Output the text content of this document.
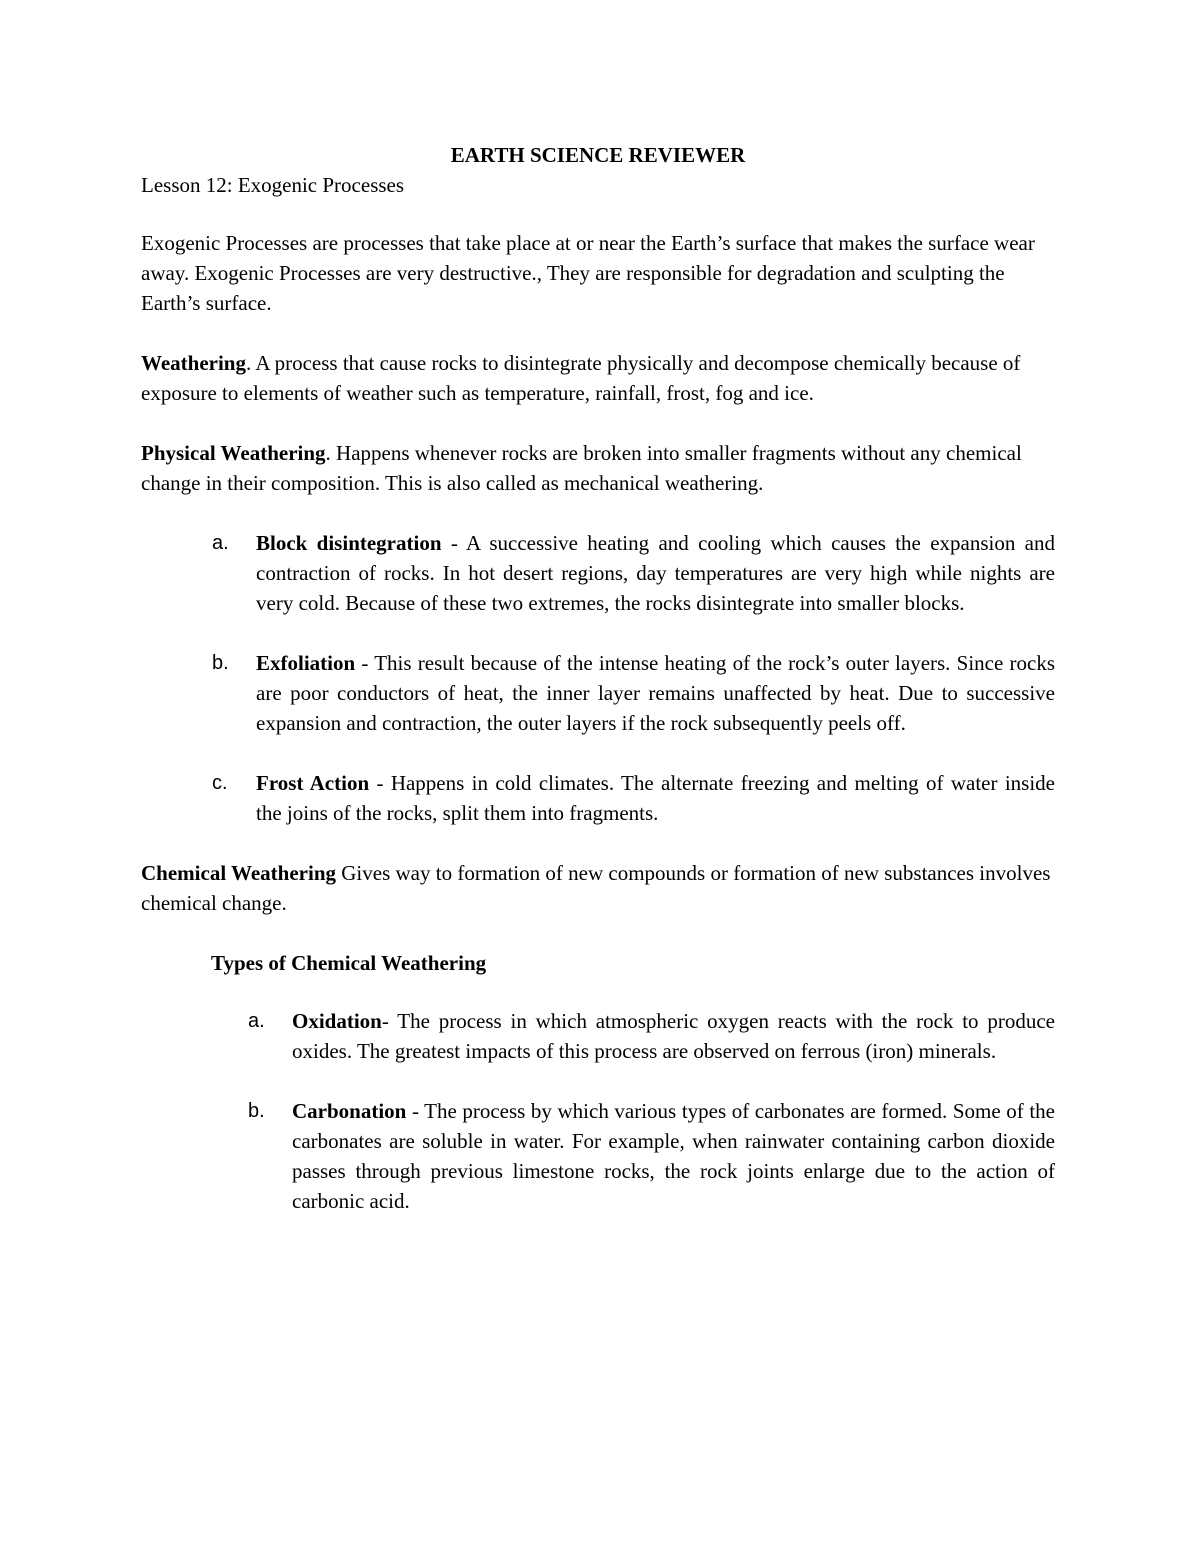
EARTH SCIENCE REVIEWER

Lesson 12: Exogenic Processes

Exogenic Processes are processes that take place at or near the Earth’s surface that makes the surface wear away. Exogenic Processes are very destructive., They are responsible for degradation and sculpting the Earth’s surface.

Weathering. A process that cause rocks to disintegrate physically and decompose chemically because of exposure to elements of weather such as temperature, rainfall, frost, fog and ice.

Physical Weathering. Happens whenever rocks are broken into smaller fragments without any chemical change in their composition. This is also called as mechanical weathering.

a. Block disintegration - A successive heating and cooling which causes the expansion and contraction of rocks. In hot desert regions, day temperatures are very high while nights are very cold. Because of these two extremes, the rocks disintegrate into smaller blocks.
b. Exfoliation - This result because of the intense heating of the rock’s outer layers. Since rocks are poor conductors of heat, the inner layer remains unaffected by heat. Due to successive expansion and contraction, the outer layers if the rock subsequently peels off.
c. Frost Action - Happens in cold climates. The alternate freezing and melting of water inside the joins of the rocks, split them into fragments.

Chemical Weathering Gives way to formation of new compounds or formation of new substances involves chemical change.

Types of Chemical Weathering

a. Oxidation- The process in which atmospheric oxygen reacts with the rock to produce oxides. The greatest impacts of this process are observed on ferrous (iron) minerals.
b. Carbonation - The process by which various types of carbonates are formed. Some of the carbonates are soluble in water. For example, when rainwater containing carbon dioxide passes through previous limestone rocks, the rock joints enlarge due to the action of carbonic acid.
